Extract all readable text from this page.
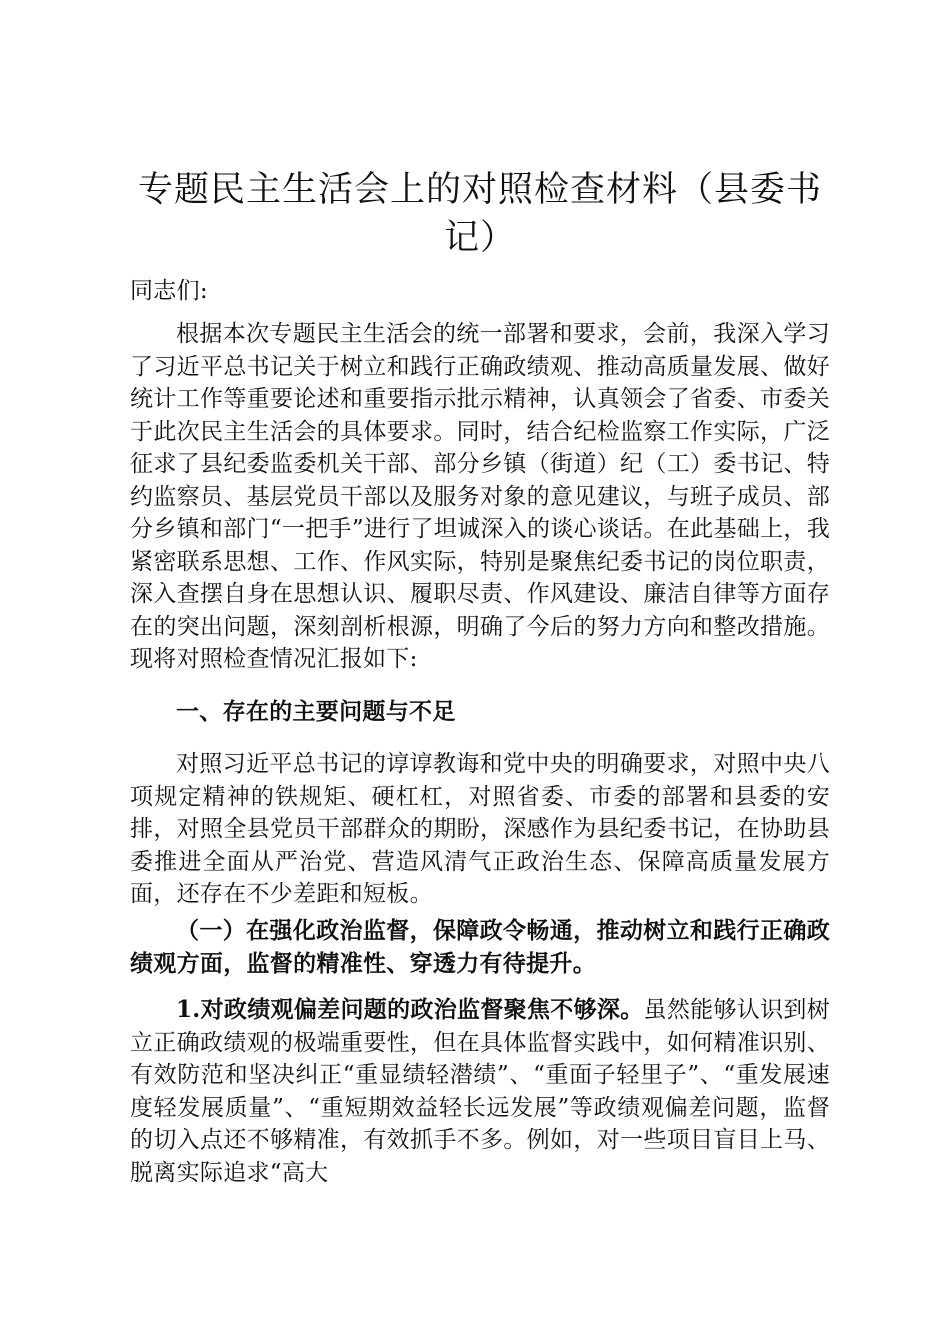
专题民主生活会上的对照检查材料（县委书记）

同志们:

根据本次专题民主生活会的统一部署和要求，会前，我深入学习了习近平总书记关于树立和践行正确政绩观、推动高质量发展、做好统计工作等重要论述和重要指示批示精神，认真领会了省委、市委关于此次民主生活会的具体要求。同时，结合纪检监察工作实际，广泛征求了县纪委监委机关干部、部分乡镇（街道）纪（工）委书记、特约监察员、基层党员干部以及服务对象的意见建议，与班子成员、部分乡镇和部门“一把手”进行了坦诚深入的谈心谈话。在此基础上，我紧密联系思想、工作、作风实际，特别是聚焦纪委书记的岗位职责，深入查摆自身在思想认识、履职尽责、作风建设、廉洁自律等方面存在的突出问题，深刻剖析根源，明确了今后的努力方向和整改措施。现将对照检查情况汇报如下:

一、存在的主要问题与不足

对照习近平总书记的谆谆教诲和党中央的明确要求，对照中央八项规定精神的铁规矩、硬杠杠，对照省委、市委的部署和县委的安排，对照全县党员干部群众的期盼，深感作为县纪委书记，在协助县委推进全面从严治党、营造风清气正政治生态、保障高质量发展方面，还存在不少差距和短板。

（一）在强化政治监督，保障政令畅通，推动树立和践行正确政绩观方面，监督的精准性、穿透力有待提升。

1.对政绩观偏差问题的政治监督聚焦不够深。虽然能够认识到树立正确政绩观的极端重要性，但在具体监督实践中，如何精准识别、有效防范和坚决纠正“重显绩轻潜绩”、“重面子轻里子”、“重发展速度轻发展质量”、“重短期效益轻长远发展”等政绩观偏差问题，监督的切入点还不够精准，有效抓手不多。例如，对一些项目盲目上马、脱离实际追求“高大
